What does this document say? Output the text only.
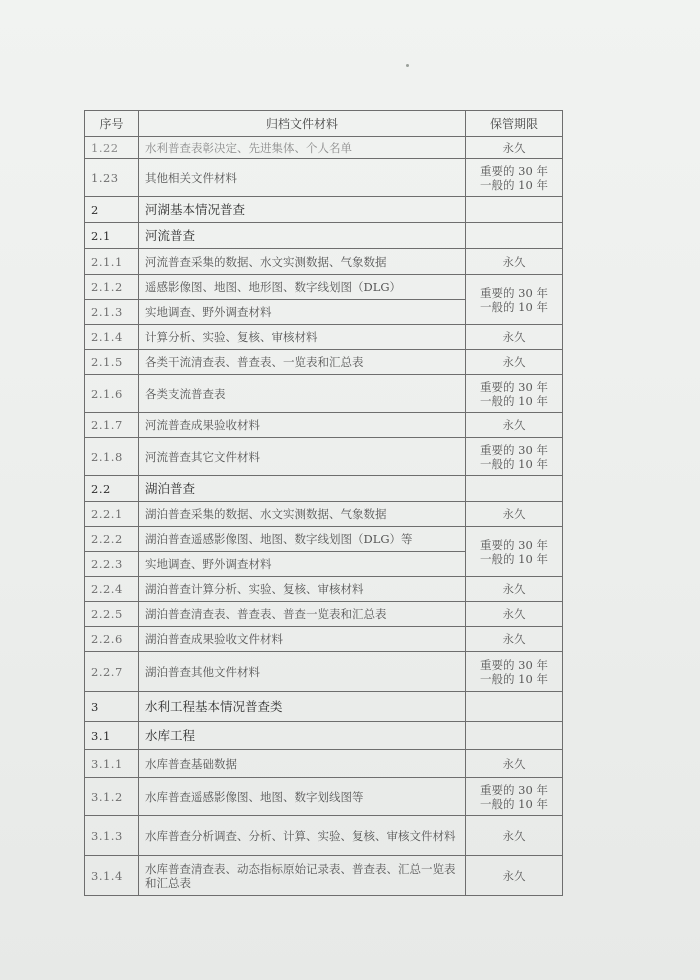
序号	归档文件材料	保管期限
1.22	水利普查表彰决定、先进集体、个人名单	永久
1.23	其他相关文件材料	重要的 30 年
一般的 10 年
2	河湖基本情况普查	
2.1	河流普查	
2.1.1	河流普查采集的数据、水文实测数据、气象数据	永久
2.1.2	遥感影像图、地图、地形图、数字线划图（DLG）	重要的 30 年
一般的 10 年
2.1.3	实地调查、野外调查材料	
2.1.4	计算分析、实验、复核、审核材料	永久
2.1.5	各类干流清查表、普查表、一览表和汇总表	永久
2.1.6	各类支流普查表	重要的 30 年
一般的 10 年
2.1.7	河流普查成果验收材料	永久
2.1.8	河流普查其它文件材料	重要的 30 年
一般的 10 年
2.2	湖泊普查	
2.2.1	湖泊普查采集的数据、水文实测数据、气象数据	永久
2.2.2	湖泊普查遥感影像图、地图、数字线划图（DLG）等	重要的 30 年
一般的 10 年
2.2.3	实地调查、野外调查材料	
2.2.4	湖泊普查计算分析、实验、复核、审核材料	永久
2.2.5	湖泊普查清查表、普查表、普查一览表和汇总表	永久
2.2.6	湖泊普查成果验收文件材料	永久
2.2.7	湖泊普查其他文件材料	重要的 30 年
一般的 10 年
3	水利工程基本情况普查类	
3.1	水库工程	
3.1.1	水库普查基础数据	永久
3.1.2	水库普查遥感影像图、地图、数字划线图等	重要的 30 年
一般的 10 年
3.1.3	水库普查分析调查、分析、计算、实验、复核、审核文件材料	永久
3.1.4	水库普查清查表、动态指标原始记录表、普查表、汇总一览表和汇总表	永久
